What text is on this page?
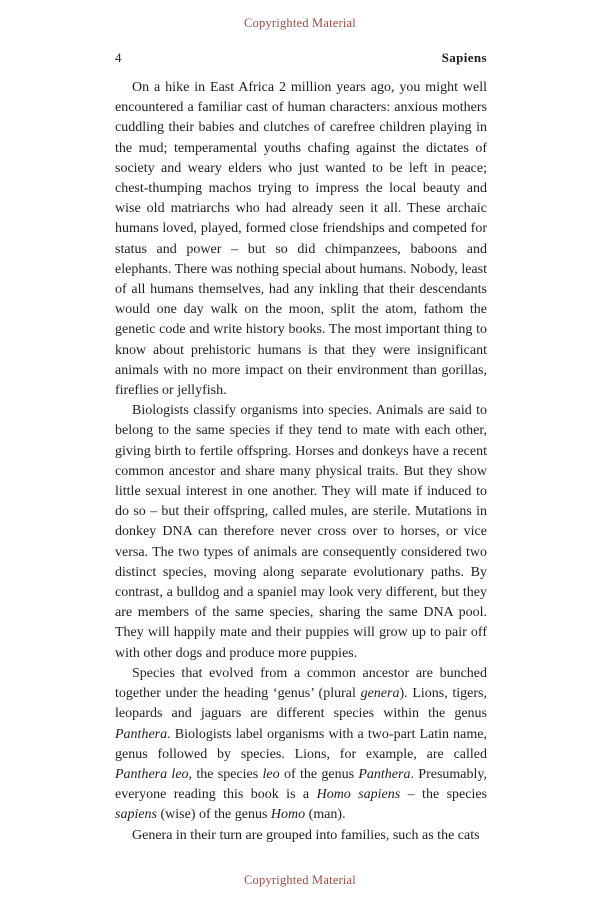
Copyrighted Material
4	Sapiens

On a hike in East Africa 2 million years ago, you might well encountered a familiar cast of human characters: anxious mothers cuddling their babies and clutches of carefree children playing in the mud; temperamental youths chafing against the dictates of society and weary elders who just wanted to be left in peace; chest-thumping machos trying to impress the local beauty and wise old matriarchs who had already seen it all. These archaic humans loved, played, formed close friendships and competed for status and power – but so did chimpanzees, baboons and elephants. There was nothing special about humans. Nobody, least of all humans themselves, had any inkling that their descendants would one day walk on the moon, split the atom, fathom the genetic code and write history books. The most important thing to know about prehistoric humans is that they were insignificant animals with no more impact on their environment than gorillas, fireflies or jellyfish.

Biologists classify organisms into species. Animals are said to belong to the same species if they tend to mate with each other, giving birth to fertile offspring. Horses and donkeys have a recent common ancestor and share many physical traits. But they show little sexual interest in one another. They will mate if induced to do so – but their offspring, called mules, are sterile. Mutations in donkey DNA can therefore never cross over to horses, or vice versa. The two types of animals are consequently considered two distinct species, moving along separate evolutionary paths. By contrast, a bulldog and a spaniel may look very different, but they are members of the same species, sharing the same DNA pool. They will happily mate and their puppies will grow up to pair off with other dogs and produce more puppies.

Species that evolved from a common ancestor are bunched together under the heading ‘genus’ (plural genera). Lions, tigers, leopards and jaguars are different species within the genus Panthera. Biologists label organisms with a two-part Latin name, genus followed by species. Lions, for example, are called Panthera leo, the species leo of the genus Panthera. Presumably, everyone reading this book is a Homo sapiens – the species sapiens (wise) of the genus Homo (man).

Genera in their turn are grouped into families, such as the cats

Copyrighted Material
